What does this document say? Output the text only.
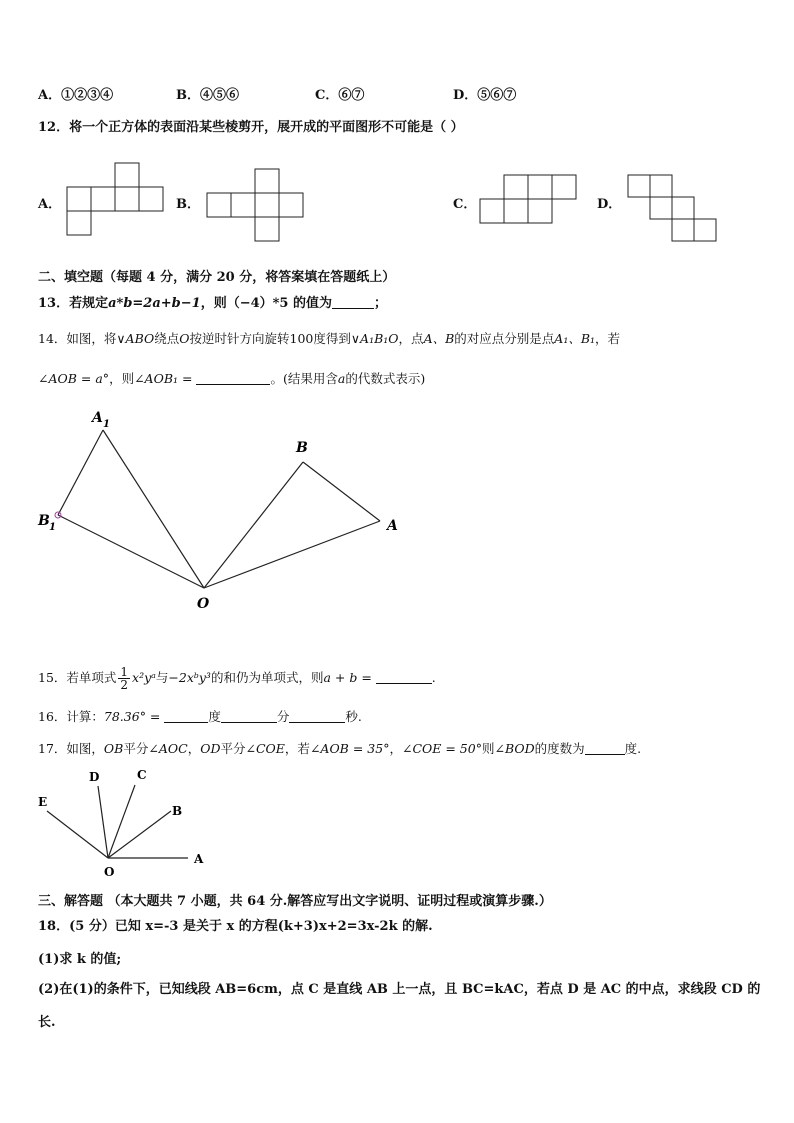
A．①②③④	B．④⑤⑥	C．⑥⑦	D．⑤⑥⑦
12．将一个正方体的表面沿某些棱剪开，展开成的平面图形不可能是（ ）
A．	B．	C．	D．
二、填空题（每题 4 分，满分 20 分，将答案填在答题纸上）
13．若规定a*b=2a+b−1，则（−4）*5 的值为	；
14．如图，将∨ABO绕点O按逆时针方向旋转100度得到∨A₁B₁O，点A、B的对应点分别是点A₁、B₁，若
∠AOB = a°，则∠AOB₁ =	。(结果用含a的代数式表示)
A 1
B 1
B
A
O
15．若单项式 $\frac{1}{2}$ x²yᵃ与−2xᵇy³的和仍为单项式，则a + b =	.
16．计算：78.36° =	度	分	秒.
17．如图，OB平分∠AOC，OD平分∠COE，若∠AOB = 35°，∠COE = 50°则∠BOD的度数为	度.
D	C
E
B
O
A
三、解答题 （本大题共 7 小题，共 64 分.解答应写出文字说明、证明过程或演算步骤.）
18．(5 分）已知 x=-3 是关于 x 的方程(k+3)x+2=3x-2k 的解.
(1)求 k 的值;
(2)在(1)的条件下，已知线段 AB=6cm，点 C 是直线 AB 上一点，且 BC=kAC，若点 D 是 AC 的中点，求线段 CD 的
长.
